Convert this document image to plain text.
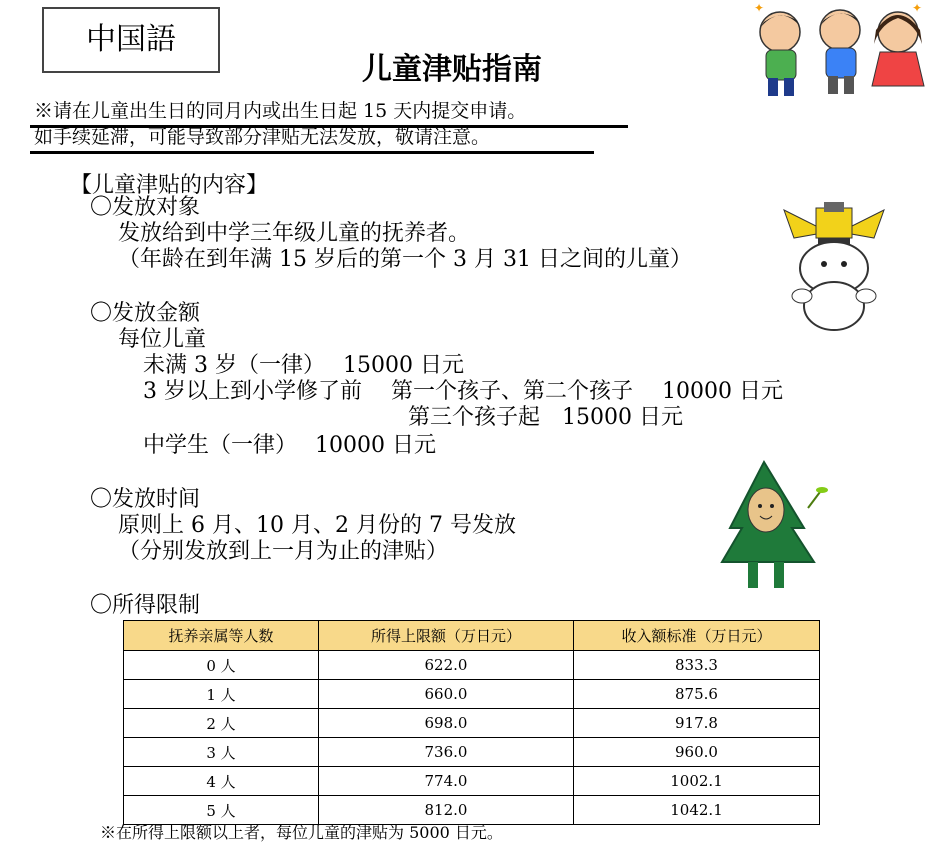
中国語
儿童津贴指南
✦	✦
※请在儿童出生日的同月内或出生日起 15 天内提交申请。
如手续延滞，可能导致部分津贴无法发放，敬请注意。
【儿童津贴的内容】
〇发放对象
发放给到中学三年级儿童的抚养者。
（年龄在到年满 15 岁后的第一个 3 月 31 日之间的儿童）
〇发放金额
每位儿童
未满 3 岁（一律）　 15000 日元
3 岁以上到小学修了前　 第一个孩子、第二个孩子　 10000 日元
第三个孩子起　15000 日元
中学生（一律）　 10000 日元
〇发放时间
原则上 6 月、10 月、2 月份的 7 号发放
（分别发放到上一月为止的津贴）
〇所得限制
抚养亲属等人数	所得上限额（万日元）	收入额标准（万日元）
0 人	622.0	833.3
1 人	660.0	875.6
2 人	698.0	917.8
3 人	736.0	960.0
4 人	774.0	1002.1
5 人	812.0	1042.1
※在所得上限额以上者，每位儿童的津贴为 5000 日元。
